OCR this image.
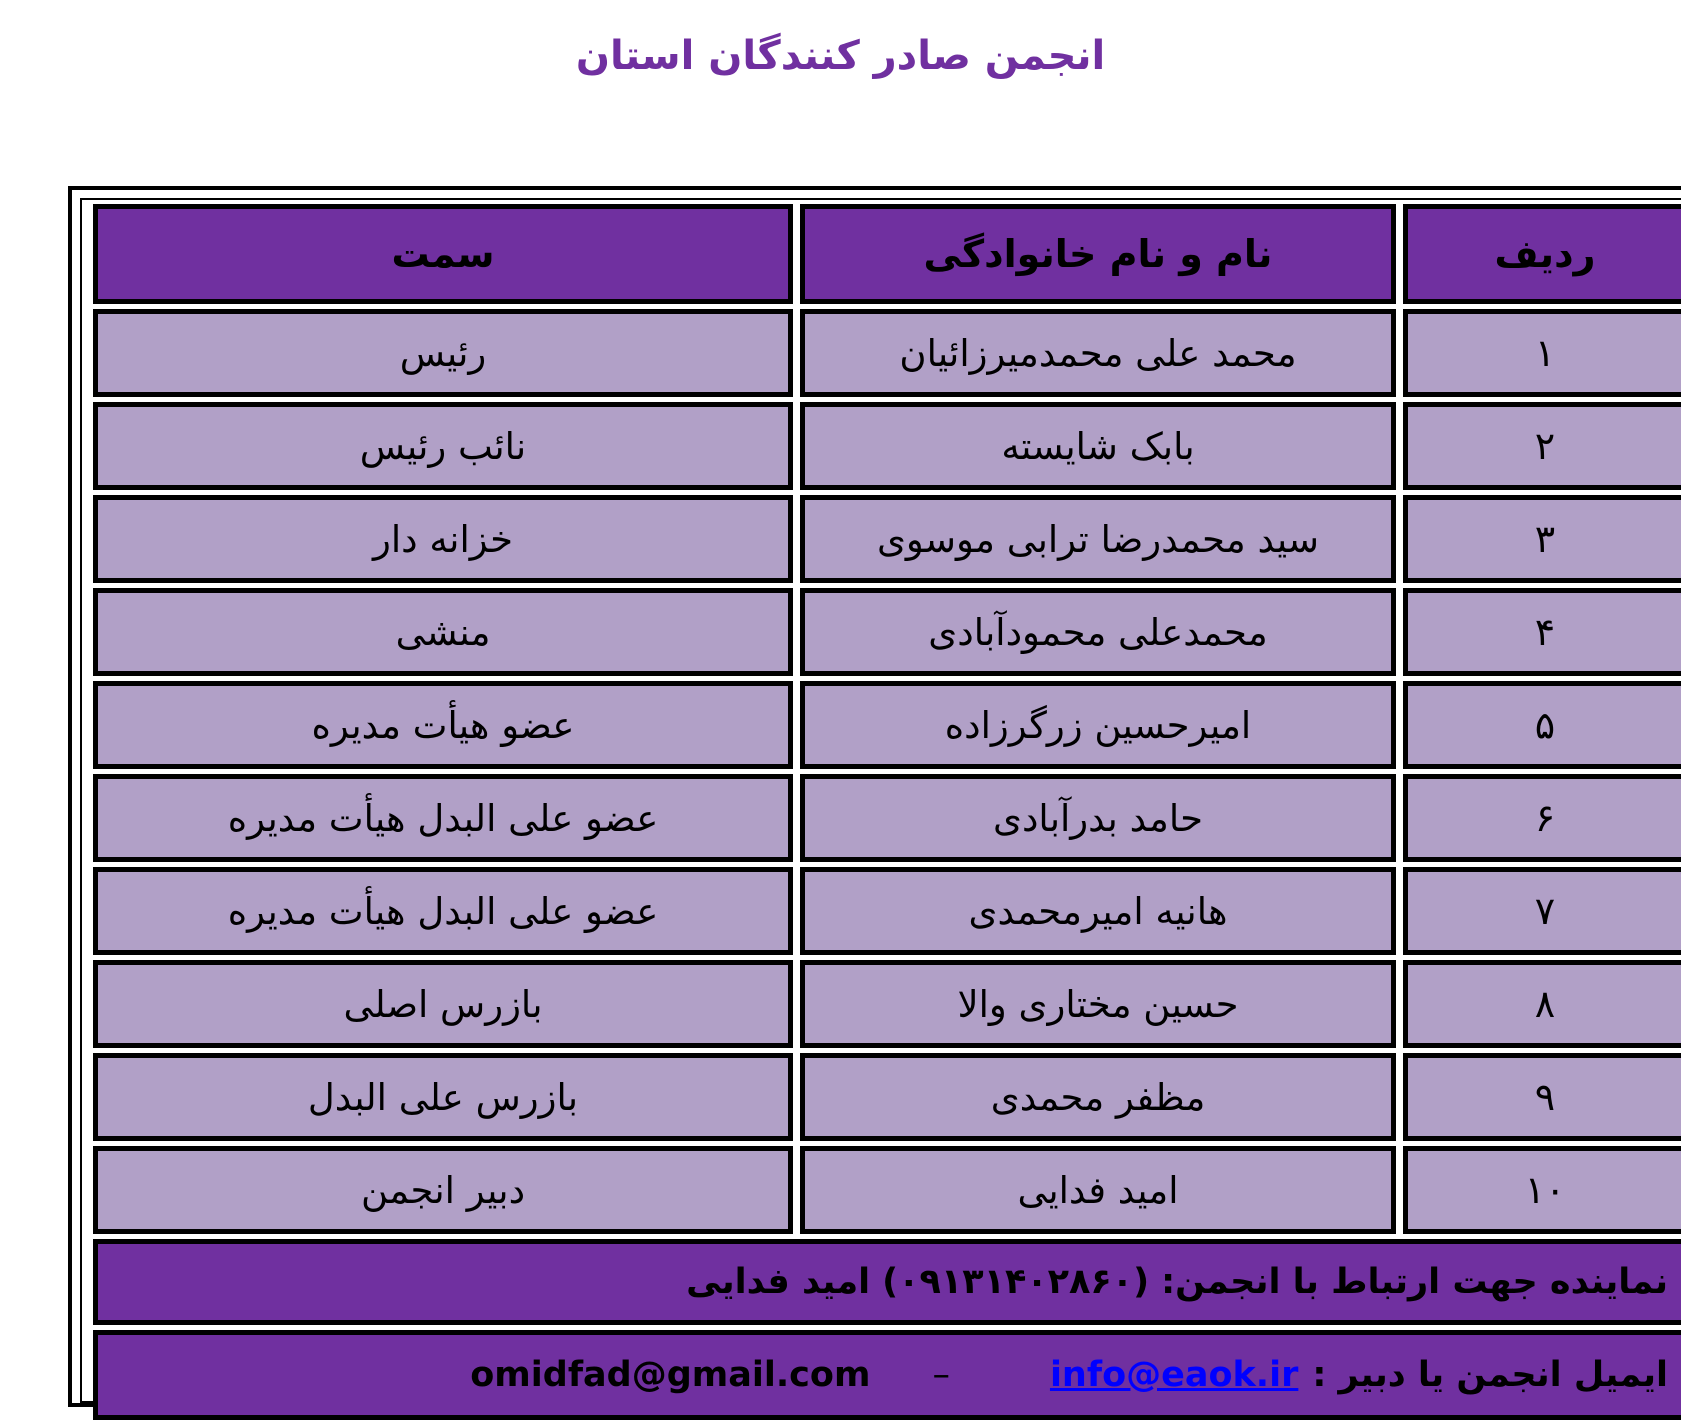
انجمن صادر کنندگان استان
ردیف
نام و نام خانوادگی
سمت
۱
محمد علی محمدمیرزائیان
رئیس
۲
بابک شایسته
نائب رئیس
۳
سید محمدرضا ترابی موسوی
خزانه دار
۴
محمدعلی محمودآبادی
منشی
۵
امیرحسین زرگرزاده
عضو هیأت مدیره
۶
حامد بدرآبادی
عضو علی البدل هیأت مدیره
۷
هانیه امیرمحمدی
عضو علی البدل هیأت مدیره
۸
حسین مختاری والا
بازرس اصلی
۹
مظفر محمدی
بازرس علی البدل
۱۰
امید فدایی
دبیر انجمن
نماینده جهت ارتباط با انجمن:
(۰۹۱۳۱۴۰۲۸۶۰)
امید فدایی
ایمیل انجمن یا دبیر :
info@eaok.ir
–
omidfad@gmail.com
